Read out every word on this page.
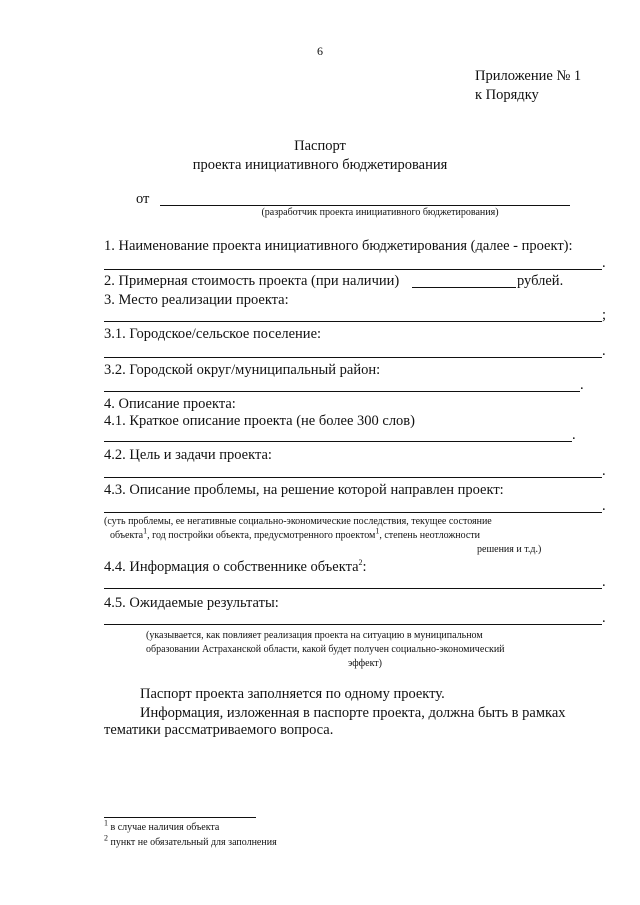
6
Приложение № 1
к Порядку
Паспорт
проекта инициативного бюджетирования
от
(разработчик проекта инициативного бюджетирования)
1. Наименование проекта инициативного бюджетирования (далее - проект):
.
2. Примерная стоимость проекта (при наличии)	рублей.
3. Место реализации проекта:
;
3.1. Городское/сельское поселение:
.
3.2. Городской округ/муниципальный район:
.
4. Описание проекта:
4.1. Краткое описание проекта (не более 300 слов)
.
4.2. Цель и задачи проекта:
.
4.3. Описание проблемы, на решение которой направлен проект:
.
(суть проблемы, ее негативные социально-экономические последствия, текущее состояние
объекта$^1$, год постройки объекта, предусмотренного проектом$^1$, степень неотложности
решения и т.д.)
4.4. Информация о собственнике объекта$^2$:
.
4.5. Ожидаемые результаты:
.
(указывается, как повлияет реализация проекта на ситуацию в муниципальном
образовании Астраханской области, какой будет получен социально-экономический
эффект)
Паспорт проекта заполняется по одному проекту.
Информация, изложенная в паспорте проекта, должна быть в рамках
тематики рассматриваемого вопроса.
$^1$ в случае наличия объекта
$^2$ пункт не обязательный для заполнения
